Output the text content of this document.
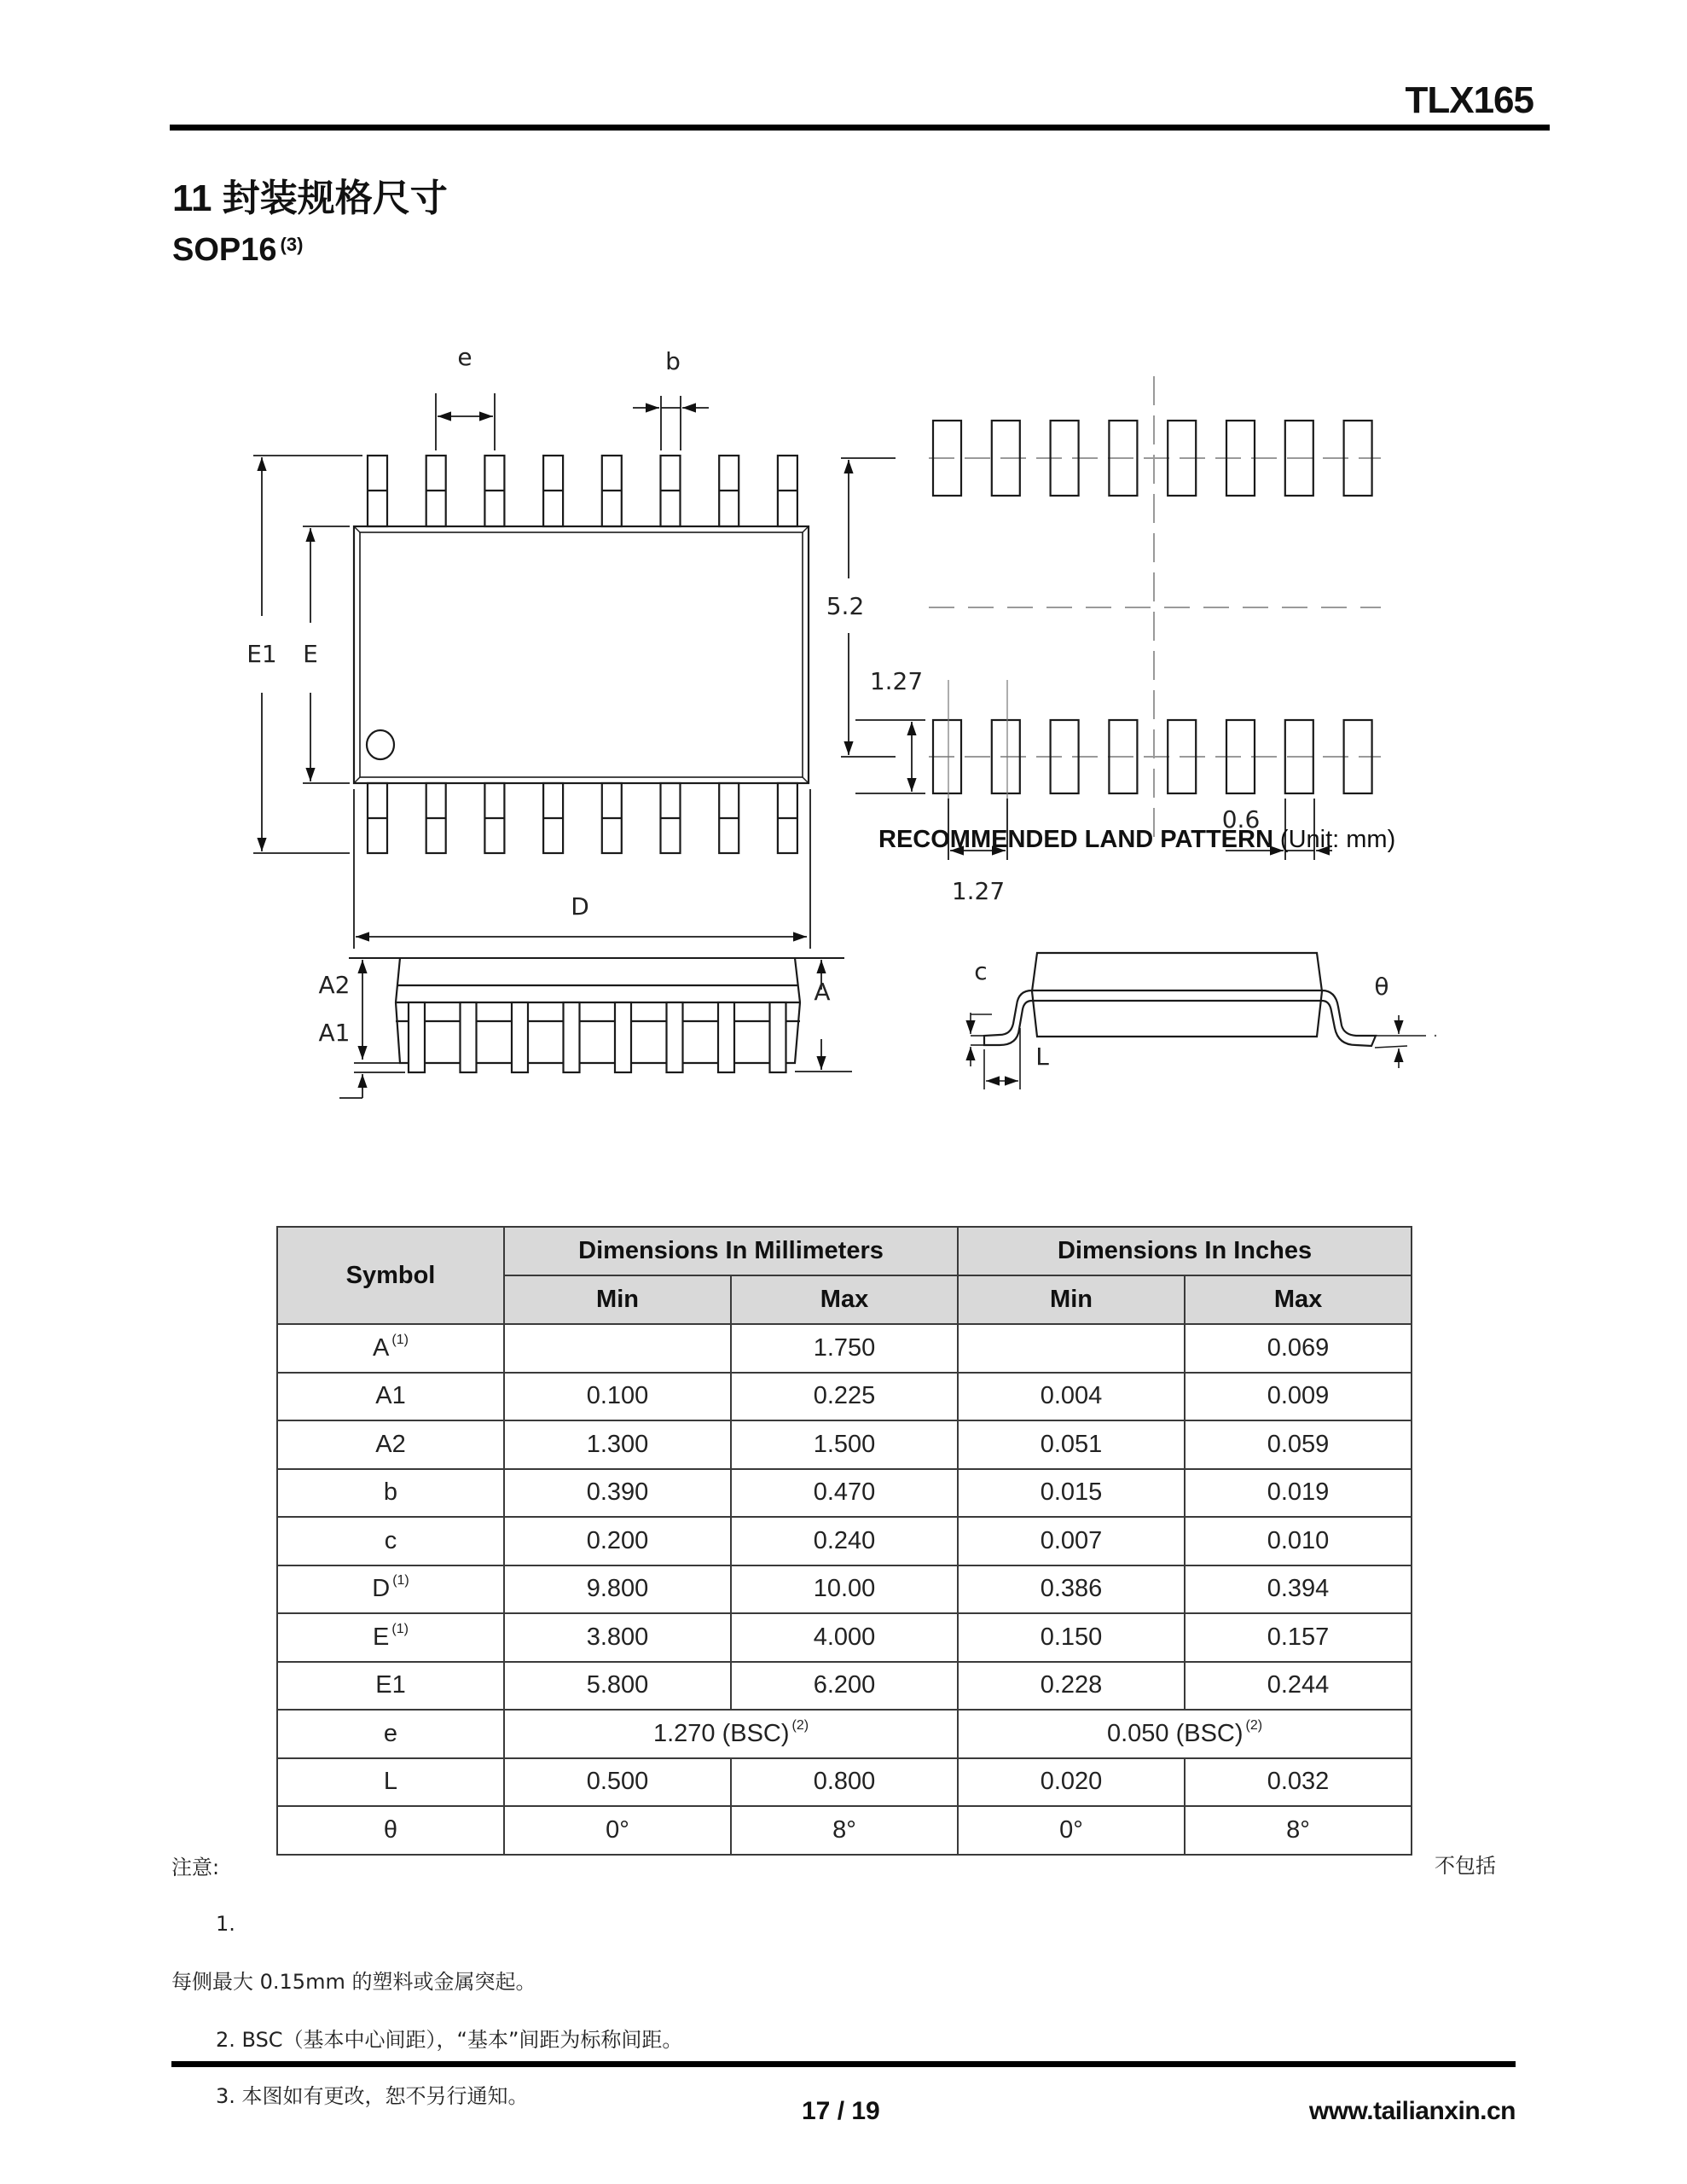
TLX165
11 封装规格尺寸
SOP16 $^{(3)}$
e	b
E1 E
D
5.2
1.27
1.27
0.6
RECOMMENDED LAND PATTERN (Unit: mm)
A2
A1
A
c
θ
L
Symbol	Dimensions In Millimeters		Dimensions In Inches	
	Min	Max	Min	Max
A $^{(1)}$		1.750		0.069
A1	0.100	0.225	0.004	0.009
A2	1.300	1.500	0.051	0.059
b	0.390	0.470	0.015	0.019
c	0.200	0.240	0.007	0.010
D $^{(1)}$	9.800	10.00	0.386	0.394
E $^{(1)}$	3.800	4.000	0.150	0.157
E1	5.800	6.200	0.228	0.244
e	1.270 (BSC) $^{(2)}$		0.050 (BSC) $^{(2)}$
L	0.500	0.800	0.020	0.032
θ	0°	8°	0°	8°
注意:
1.
不包括
每侧最大 0.15mm 的塑料或金属突起。
2. BSC（基本中心间距），“基本”间距为标称间距。
3. 本图如有更改，恕不另行通知。
17 / 19	www.tailianxin.cn
